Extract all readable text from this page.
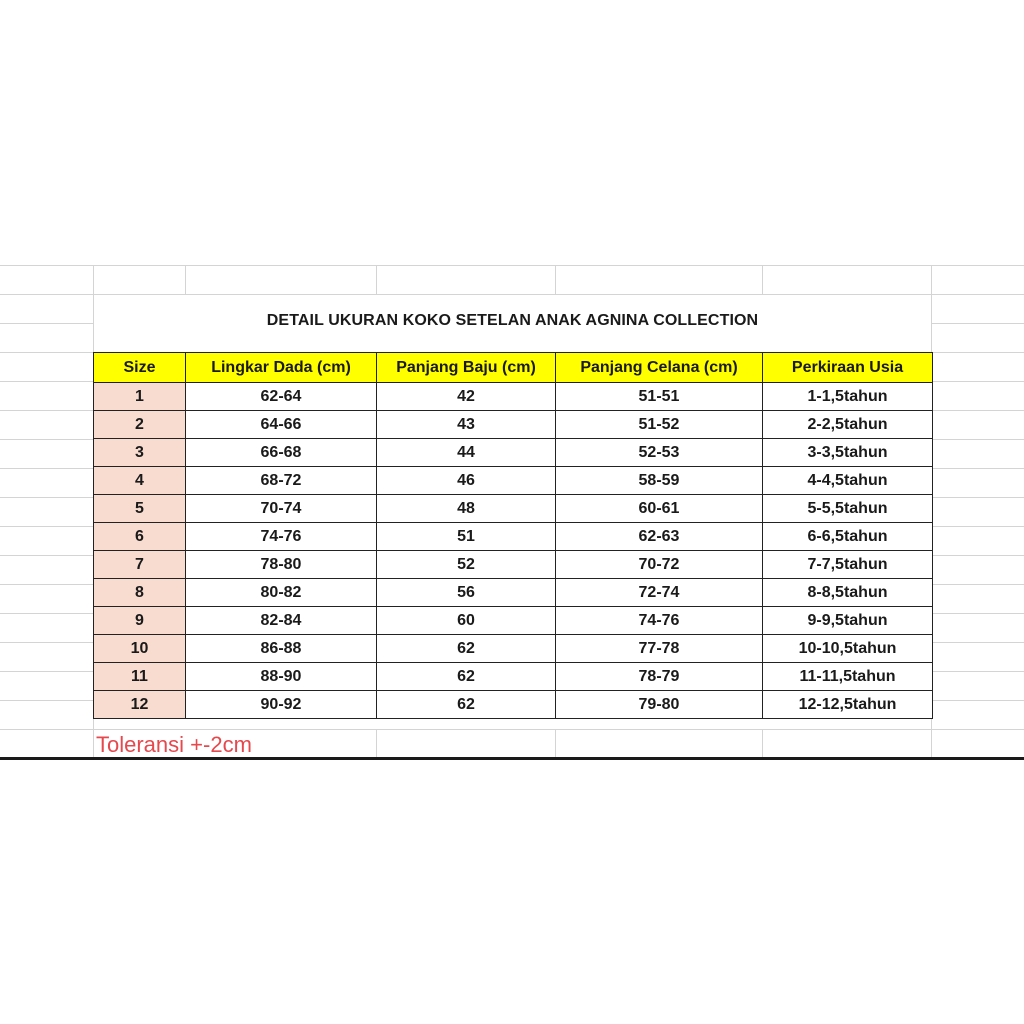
DETAIL UKURAN KOKO SETELAN ANAK AGNINA COLLECTION
Size	Lingkar Dada (cm)	Panjang Baju (cm)	Panjang Celana (cm)	Perkiraan Usia
1	62-64	42	51-51	1-1,5tahun
2	64-66	43	51-52	2-2,5tahun
3	66-68	44	52-53	3-3,5tahun
4	68-72	46	58-59	4-4,5tahun
5	70-74	48	60-61	5-5,5tahun
6	74-76	51	62-63	6-6,5tahun
7	78-80	52	70-72	7-7,5tahun
8	80-82	56	72-74	8-8,5tahun
9	82-84	60	74-76	9-9,5tahun
10	86-88	62	77-78	10-10,5tahun
11	88-90	62	78-79	11-11,5tahun
12	90-92	62	79-80	12-12,5tahun
Toleransi +-2cm
